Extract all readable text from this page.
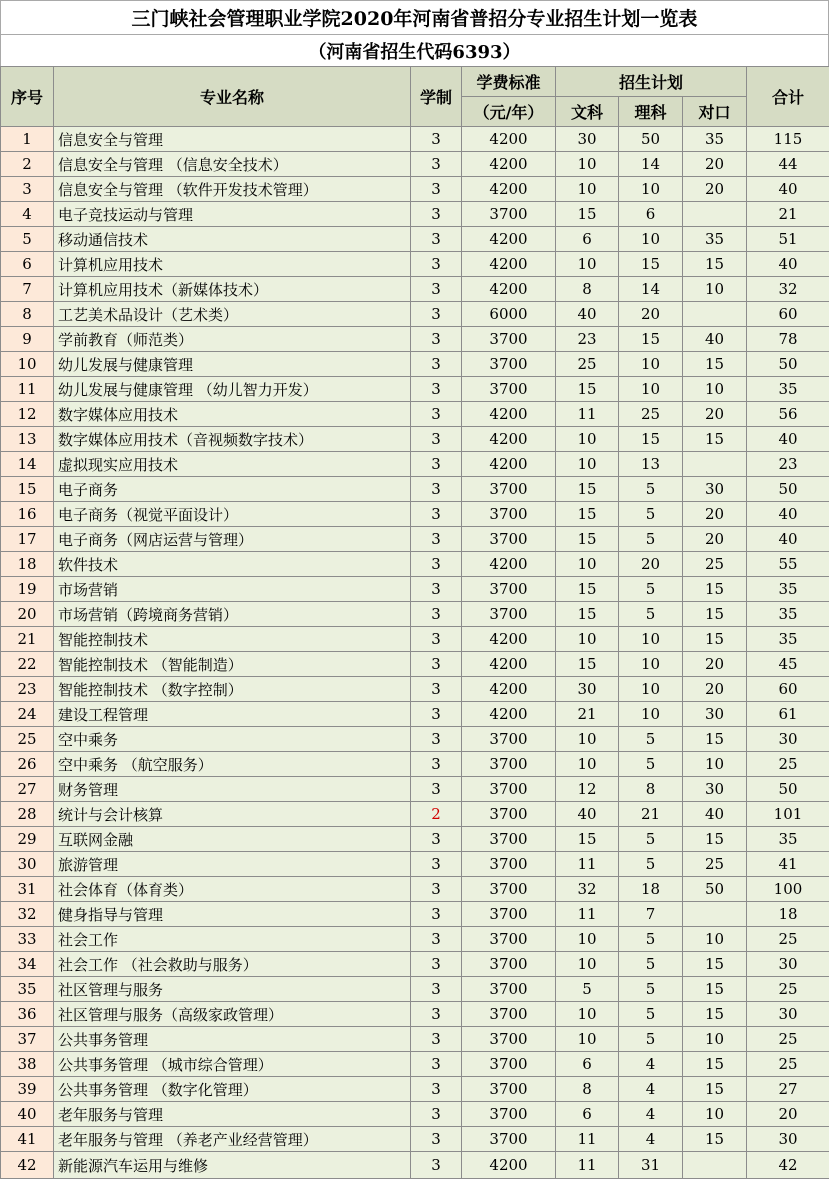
三门峡社会管理职业学院2020年河南省普招分专业招生计划一览表
（河南省招生代码6393）
序号	专业名称	学制	学费标准	招生计划			合计
			（元/年）	文科	理科	对口	
1	信息安全与管理	3	4200	30	50	35	115
2	信息安全与管理 （信息安全技术）	3	4200	10	14	20	44
3	信息安全与管理 （软件开发技术管理）	3	4200	10	10	20	40
4	电子竞技运动与管理	3	3700	15	6		21
5	移动通信技术	3	4200	6	10	35	51
6	计算机应用技术	3	4200	10	15	15	40
7	计算机应用技术（新媒体技术）	3	4200	8	14	10	32
8	工艺美术品设计（艺术类）	3	6000	40	20		60
9	学前教育（师范类）	3	3700	23	15	40	78
10	幼儿发展与健康管理	3	3700	25	10	15	50
11	幼儿发展与健康管理 （幼儿智力开发）	3	3700	15	10	10	35
12	数字媒体应用技术	3	4200	11	25	20	56
13	数字媒体应用技术（音视频数字技术）	3	4200	10	15	15	40
14	虚拟现实应用技术	3	4200	10	13		23
15	电子商务	3	3700	15	5	30	50
16	电子商务（视觉平面设计）	3	3700	15	5	20	40
17	电子商务（网店运营与管理）	3	3700	15	5	20	40
18	软件技术	3	4200	10	20	25	55
19	市场营销	3	3700	15	5	15	35
20	市场营销（跨境商务营销）	3	3700	15	5	15	35
21	智能控制技术	3	4200	10	10	15	35
22	智能控制技术 （智能制造）	3	4200	15	10	20	45
23	智能控制技术 （数字控制）	3	4200	30	10	20	60
24	建设工程管理	3	4200	21	10	30	61
25	空中乘务	3	3700	10	5	15	30
26	空中乘务 （航空服务）	3	3700	10	5	10	25
27	财务管理	3	3700	12	8	30	50
28	统计与会计核算	2	3700	40	21	40	101
29	互联网金融	3	3700	15	5	15	35
30	旅游管理	3	3700	11	5	25	41
31	社会体育（体育类）	3	3700	32	18	50	100
32	健身指导与管理	3	3700	11	7		18
33	社会工作	3	3700	10	5	10	25
34	社会工作 （社会救助与服务）	3	3700	10	5	15	30
35	社区管理与服务	3	3700	5	5	15	25
36	社区管理与服务（高级家政管理）	3	3700	10	5	15	30
37	公共事务管理	3	3700	10	5	10	25
38	公共事务管理 （城市综合管理）	3	3700	6	4	15	25
39	公共事务管理 （数字化管理）	3	3700	8	4	15	27
40	老年服务与管理	3	3700	6	4	10	20
41	老年服务与管理 （养老产业经营管理）	3	3700	11	4	15	30
42	新能源汽车运用与维修	3	4200	11	31		42
